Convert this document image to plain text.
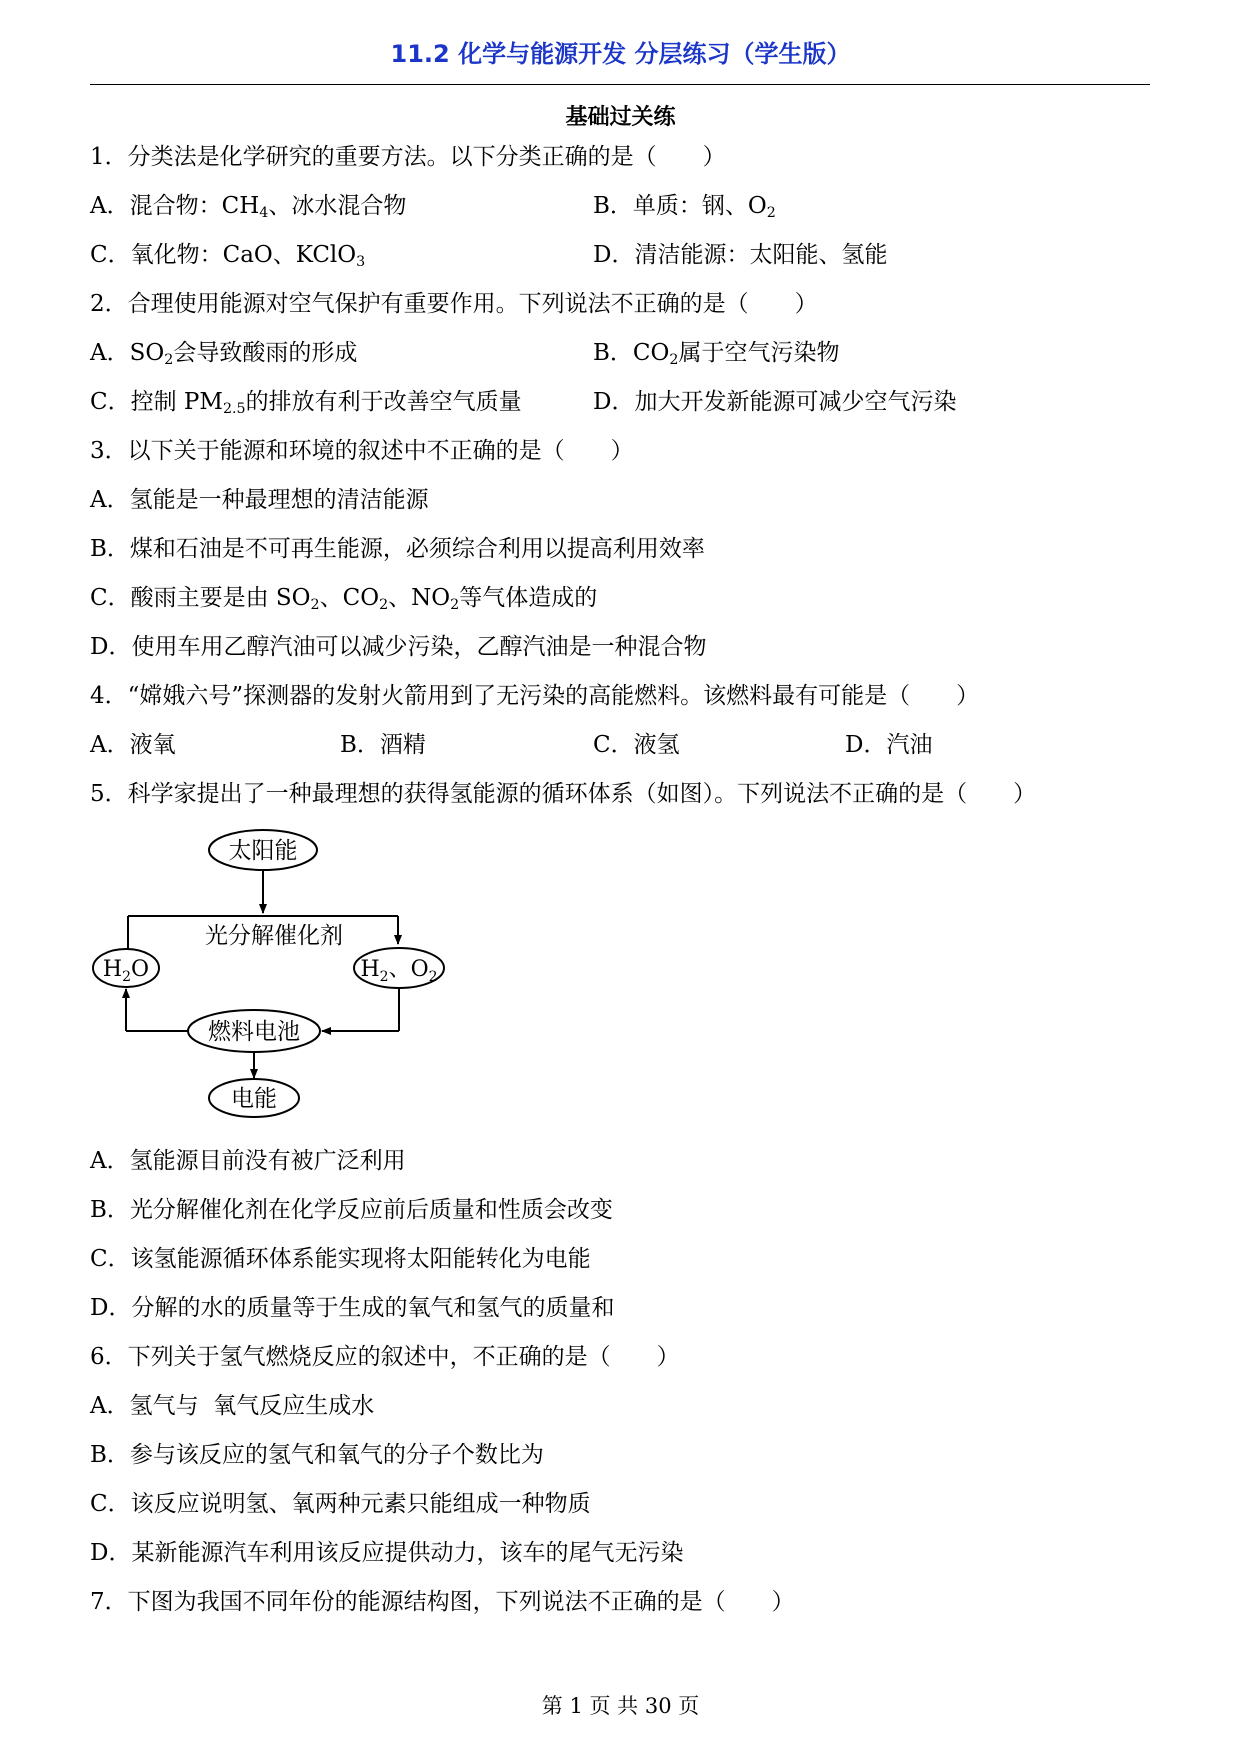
11.2 化学与能源开发 分层练习（学生版）
基础过关练
1．分类法是化学研究的重要方法。以下分类正确的是（　　）
A．混合物：$CH_4$、冰水混合物	B．单质：钢、$O_2$
C．氧化物：CaO、KClO$_3$	D．清洁能源：太阳能、氢能
2．合理使用能源对空气保护有重要作用。下列说法不正确的是（　　）
A．$SO_2$会导致酸雨的形成	B．$CO_2$属于空气污染物
C．控制 $PM_{2.5}$的排放有利于改善空气质量	D．加大开发新能源可减少空气污染
3．以下关于能源和环境的叙述中不正确的是（　　）
A．氢能是一种最理想的清洁能源
B．煤和石油是不可再生能源，必须综合利用以提高利用效率
C．酸雨主要是由 $SO_2$、$CO_2$、$NO_2$等气体造成的
D．使用车用乙醇汽油可以减少污染，乙醇汽油是一种混合物
4．“嫦娥六号”探测器的发射火箭用到了无污染的高能燃料。该燃料最有可能是（　　）
A．液氧	B．酒精	C．液氢	D．汽油
5．科学家提出了一种最理想的获得氢能源的循环体系（如图）。下列说法不正确的是（　　）
太阳能
光分解催化剂
$H_2O$	$H_2$、$O_2$
燃料电池
电能
A．氢能源目前没有被广泛利用
B．光分解催化剂在化学反应前后质量和性质会改变
C．该氢能源循环体系能实现将太阳能转化为电能
D．分解的水的质量等于生成的氧气和氢气的质量和
6．下列关于氢气燃烧反应的叙述中，不正确的是（　　）
A．氢气与  氧气反应生成水
B．参与该反应的氢气和氧气的分子个数比为
C．该反应说明氢、氧两种元素只能组成一种物质
D．某新能源汽车利用该反应提供动力，该车的尾气无污染
7．下图为我国不同年份的能源结构图，下列说法不正确的是（　　）
第 1 页 共 30 页
